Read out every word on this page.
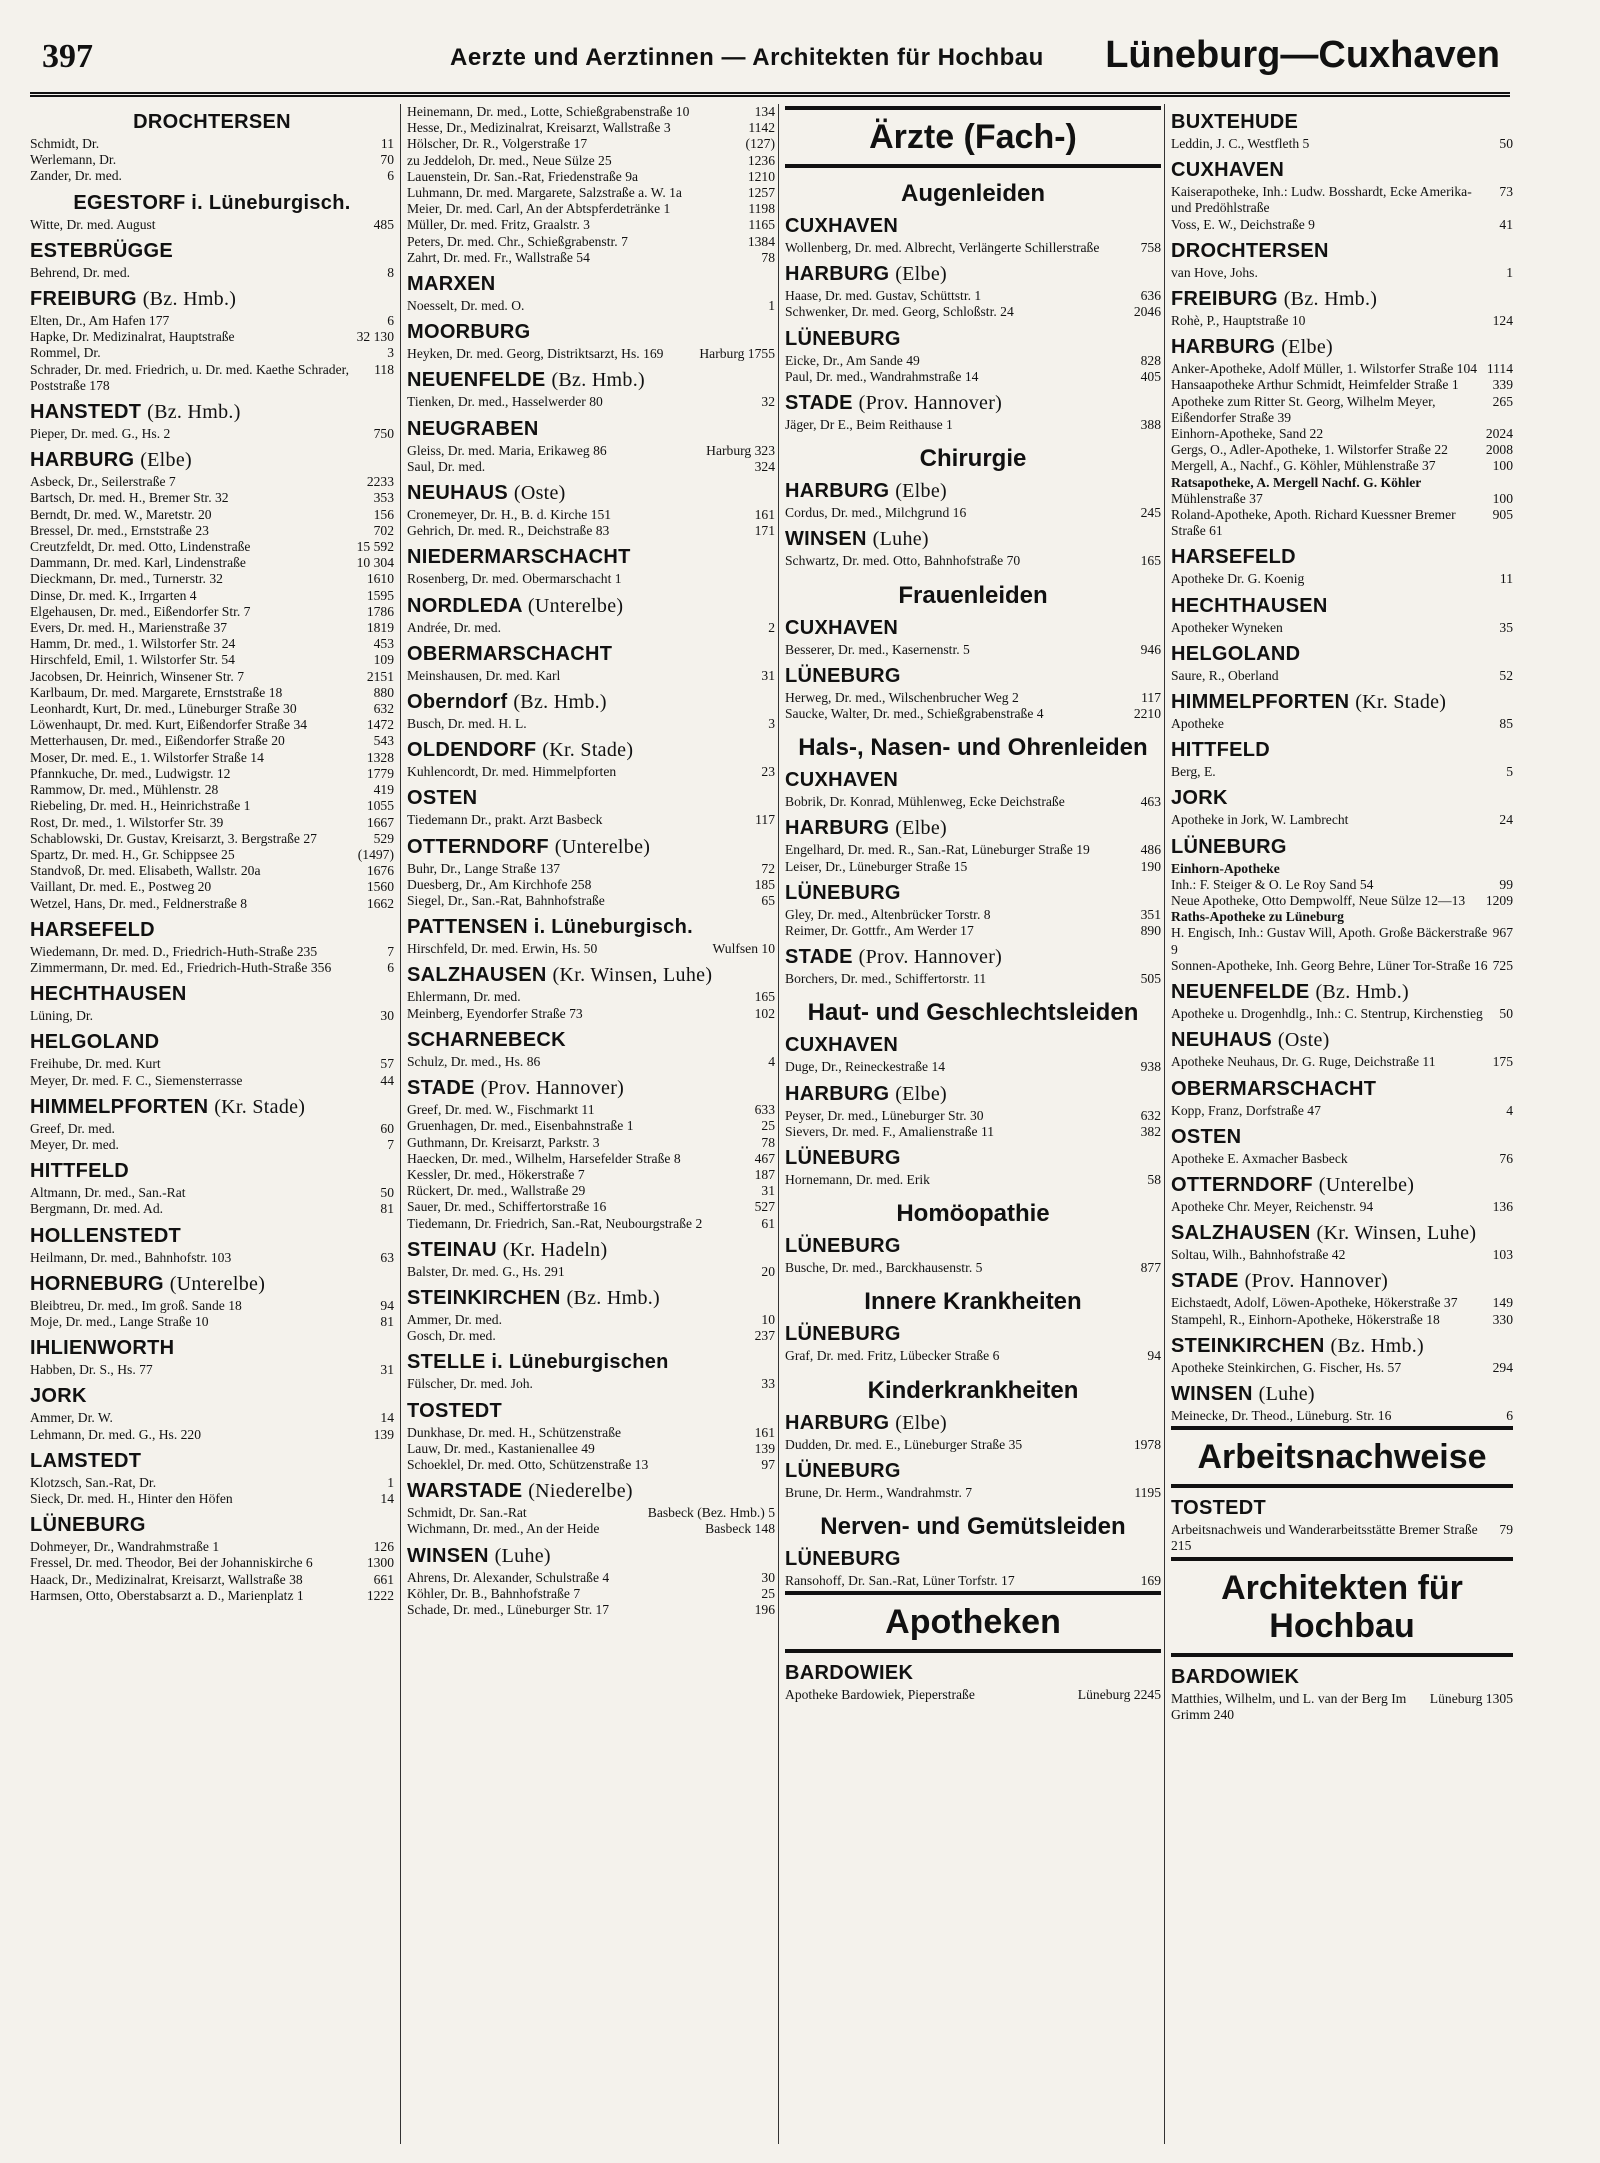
397	Aerzte und Aerztinnen — Architekten für Hochbau Lüneburg—Cuxhaven
DROCHTERSEN
Schmidt, Dr.	11
Werlemann, Dr.	70
Zander, Dr. med.	6
EGESTORF i. Lüneburgisch.
Witte, Dr. med. August	485
ESTEBRÜGGE
Behrend, Dr. med.	8
FREIBURG (Bz. Hmb.)
Elten, Dr., Am Hafen 177	6
Hapke, Dr. Medizinalrat, Hauptstraße	32 130
Rommel, Dr.	3
Schrader, Dr. med. Friedrich, u. Dr. med. Kaethe Schrader, Poststraße 178
118
HANSTEDT (Bz. Hmb.)
Pieper, Dr. med. G., Hs. 2	750
HARBURG (Elbe)
Asbeck, Dr., Seilerstraße 7	2233
Bartsch, Dr. med. H., Bremer Str. 32	353
Berndt, Dr. med. W., Maretstr. 20	156
Bressel, Dr. med., Ernststraße 23	702
Creutzfeldt, Dr. med. Otto, Lindenstraße	15 592
Dammann, Dr. med. Karl, Lindenstraße	10 304
Dieckmann, Dr. med., Turnerstr. 32	1610
Dinse, Dr. med. K., Irrgarten 4	1595
Elgehausen, Dr. med., Eißendorfer Str. 7	1786
Evers, Dr. med. H., Marienstraße 37	1819
Hamm, Dr. med., 1. Wilstorfer Str. 24	453
Hirschfeld, Emil, 1. Wilstorfer Str. 54	109
Jacobsen, Dr. Heinrich, Winsener Str. 7	2151
Karlbaum, Dr. med. Margarete, Ernststraße 18	880
Leonhardt, Kurt, Dr. med., Lüneburger Straße 30	632
Löwenhaupt, Dr. med. Kurt, Eißendorfer Straße 34	1472
Metterhausen, Dr. med., Eißendorfer Straße 20	543
Moser, Dr. med. E., 1. Wilstorfer Straße 14	1328
Pfannkuche, Dr. med., Ludwigstr. 12	1779
Rammow, Dr. med., Mühlenstr. 28	419
Riebeling, Dr. med. H., Heinrichstraße 1	1055
Rost, Dr. med., 1. Wilstorfer Str. 39	1667
Schablowski, Dr. Gustav, Kreisarzt, 3. Bergstraße 27	529
Spartz, Dr. med. H., Gr. Schippsee 25	(1497)
Standvoß, Dr. med. Elisabeth, Wallstr. 20a	1676
Vaillant, Dr. med. E., Postweg 20	1560
Wetzel, Hans, Dr. med., Feldnerstraße 8	1662
HARSEFELD
Wiedemann, Dr. med. D., Friedrich-Huth-Straße 235	7
Zimmermann, Dr. med. Ed., Friedrich-Huth-Straße 356	6
HECHTHAUSEN
Lüning, Dr.	30
HELGOLAND
Freihube, Dr. med. Kurt	57
Meyer, Dr. med. F. C., Siemensterrasse	44
HIMMELPFORTEN (Kr. Stade)
Greef, Dr. med.	60
Meyer, Dr. med.	7
HITTFELD
Altmann, Dr. med., San.-Rat	50
Bergmann, Dr. med. Ad.	81
HOLLENSTEDT
Heilmann, Dr. med., Bahnhofstr. 103	63
HORNEBURG (Unterelbe)
Bleibtreu, Dr. med., Im groß. Sande 18	94
Moje, Dr. med., Lange Straße 10	81
IHLIENWORTH
Habben, Dr. S., Hs. 77	31
JORK
Ammer, Dr. W.	14
Lehmann, Dr. med. G., Hs. 220	139
LAMSTEDT
Klotzsch, San.-Rat, Dr.	1
Sieck, Dr. med. H., Hinter den Höfen	14
LÜNEBURG
Dohmeyer, Dr., Wandrahmstraße 1	126
Fressel, Dr. med. Theodor, Bei der Johanniskirche 6	1300
Haack, Dr., Medizinalrat, Kreisarzt, Wallstraße 38	661
Harmsen, Otto, Oberstabsarzt a. D., Marienplatz 1	1222
Heinemann, Dr. med., Lotte, Schießgrabenstraße 10	134
Hesse, Dr., Medizinalrat, Kreisarzt, Wallstraße 3	1142
Hölscher, Dr. R., Volgerstraße 17	(127)
zu Jeddeloh, Dr. med., Neue Sülze 25	1236
Lauenstein, Dr. San.-Rat, Friedenstraße 9a	1210
Luhmann, Dr. med. Margarete, Salzstraße a. W. 1a	1257
Meier, Dr. med. Carl, An der Abtspferdetränke 1	1198
Müller, Dr. med. Fritz, Graalstr. 3	1165
Peters, Dr. med. Chr., Schießgrabenstr. 7	1384
Zahrt, Dr. med. Fr., Wallstraße 54	78
MARXEN
Noesselt, Dr. med. O.	1
MOORBURG
Heyken, Dr. med. Georg, Distriktsarzt, Hs. 169	Harburg 1755
NEUENFELDE (Bz. Hmb.)
Tienken, Dr. med., Hasselwerder 80	32
NEUGRABEN
Gleiss, Dr. med. Maria, Erikaweg 86	Harburg 323
Saul, Dr. med.	324
NEUHAUS (Oste)
Cronemeyer, Dr. H., B. d. Kirche 151	161
Gehrich, Dr. med. R., Deichstraße 83	171
NIEDERMARSCHACHT
Rosenberg, Dr. med. Obermarschacht 1
NORDLEDA (Unterelbe)
Andrée, Dr. med.	2
OBERMARSCHACHT
Meinshausen, Dr. med. Karl	31
Oberndorf (Bz. Hmb.)
Busch, Dr. med. H. L.	3
OLDENDORF (Kr. Stade)
Kuhlencordt, Dr. med. Himmelpforten	23
OSTEN
Tiedemann Dr., prakt. Arzt Basbeck	117
OTTERNDORF (Unterelbe)
Buhr, Dr., Lange Straße 137	72
Duesberg, Dr., Am Kirchhofe 258	185
Siegel, Dr., San.-Rat, Bahnhofstraße	65
PATTENSEN i. Lüneburgisch.
Hirschfeld, Dr. med. Erwin, Hs. 50	Wulfsen 10
SALZHAUSEN (Kr. Winsen, Luhe)
Ehlermann, Dr. med.	165
Meinberg, Eyendorfer Straße 73	102
SCHARNEBECK
Schulz, Dr. med., Hs. 86	4
STADE (Prov. Hannover)
Greef, Dr. med. W., Fischmarkt 11	633
Gruenhagen, Dr. med., Eisenbahnstraße 1	25
Guthmann, Dr. Kreisarzt, Parkstr. 3	78
Haecken, Dr. med., Wilhelm, Harsefelder Straße 8	467
Kessler, Dr. med., Hökerstraße 7	187
Rückert, Dr. med., Wallstraße 29	31
Sauer, Dr. med., Schiffertorstraße 16	527
Tiedemann, Dr. Friedrich, San.-Rat, Neubourgstraße 2	61
STEINAU (Kr. Hadeln)
Balster, Dr. med. G., Hs. 291	20
STEINKIRCHEN (Bz. Hmb.)
Ammer, Dr. med.	10
Gosch, Dr. med.	237
STELLE i. Lüneburgischen
Fülscher, Dr. med. Joh.	33
TOSTEDT
Dunkhase, Dr. med. H., Schützenstraße	161
Lauw, Dr. med., Kastanienallee 49	139
Schoeklel, Dr. med. Otto, Schützenstraße 13	97
WARSTADE (Niederelbe)
Schmidt, Dr. San.-Rat	Basbeck (Bez. Hmb.) 5
Wichmann, Dr. med., An der Heide	Basbeck 148
WINSEN (Luhe)
Ahrens, Dr. Alexander, Schulstraße 4	30
Köhler, Dr. B., Bahnhofstraße 7	25
Schade, Dr. med., Lüneburger Str. 17	196
Ärzte (Fach-)
Augenleiden
CUXHAVEN
Wollenberg, Dr. med. Albrecht, Verlängerte Schillerstraße	758
HARBURG (Elbe)
Haase, Dr. med. Gustav, Schüttstr. 1	636
Schwenker, Dr. med. Georg, Schloßstr. 24	2046
LÜNEBURG
Eicke, Dr., Am Sande 49	828
Paul, Dr. med., Wandrahmstraße 14	405
STADE (Prov. Hannover)
Jäger, Dr E., Beim Reithause 1	388
Chirurgie
HARBURG (Elbe)
Cordus, Dr. med., Milchgrund 16	245
WINSEN (Luhe)
Schwartz, Dr. med. Otto, Bahnhofstraße 70	165
Frauenleiden
CUXHAVEN
Besserer, Dr. med., Kasernenstr. 5	946
LÜNEBURG
Herweg, Dr. med., Wilschenbrucher Weg 2	117
Saucke, Walter, Dr. med., Schießgrabenstraße 4	2210
Hals-, Nasen- und Ohrenleiden
CUXHAVEN
Bobrik, Dr. Konrad, Mühlenweg, Ecke Deichstraße	463
HARBURG (Elbe)
Engelhard, Dr. med. R., San.-Rat, Lüneburger Straße 19	486
Leiser, Dr., Lüneburger Straße 15	190
LÜNEBURG
Gley, Dr. med., Altenbrücker Torstr. 8	351
Reimer, Dr. Gottfr., Am Werder 17	890
STADE (Prov. Hannover)
Borchers, Dr. med., Schiffertorstr. 11	505
Haut- und Geschlechtsleiden
CUXHAVEN
Duge, Dr., Reineckestraße 14	938
HARBURG (Elbe)
Peyser, Dr. med., Lüneburger Str. 30	632
Sievers, Dr. med. F., Amalienstraße 11	382
LÜNEBURG
Hornemann, Dr. med. Erik	58
Homöopathie
LÜNEBURG
Busche, Dr. med., Barckhausenstr. 5	877
Innere Krankheiten
LÜNEBURG
Graf, Dr. med. Fritz, Lübecker Straße 6	94
Kinderkrankheiten
HARBURG (Elbe)
Dudden, Dr. med. E., Lüneburger Straße 35	1978
LÜNEBURG
Brune, Dr. Herm., Wandrahmstr. 7	1195
Nerven- und Gemütsleiden
LÜNEBURG
Ransohoff, Dr. San.-Rat, Lüner Torfstr. 17	169
Apotheken
BARDOWIEK
Apotheke Bardowiek, Pieperstraße	Lüneburg 2245
BUXTEHUDE
Leddin, J. C., Westfleth 5	50
CUXHAVEN
Kaiserapotheke, Inh.: Ludw. Bosshardt, Ecke Amerika- und Predöhlstraße
73
Voss, E. W., Deichstraße 9	41
DROCHTERSEN
van Hove, Johs.	1
FREIBURG (Bz. Hmb.)
Rohè, P., Hauptstraße 10	124
HARBURG (Elbe)
Anker-Apotheke, Adolf Müller, 1. Wilstorfer Straße 104 1114
Hansaapotheke Arthur Schmidt, Heimfelder Straße 1	339
Apotheke zum Ritter St. Georg, Wilhelm Meyer, Eißendorfer Straße 39
265
Einhorn-Apotheke, Sand 22	2024
Gergs, O., Adler-Apotheke, 1. Wilstorfer Straße 22	2008
Mergell, A., Nachf., G. Köhler, Mühlenstraße 37	100
Ratsapotheke, A. Mergell Nachf. G. Köhler
Mühlenstraße 37	100
Roland-Apotheke, Apoth. Richard Kuessner Bremer Straße 61
905
HARSEFELD
Apotheke Dr. G. Koenig	11
HECHTHAUSEN
Apotheker Wyneken	35
HELGOLAND
Saure, R., Oberland	52
HIMMELPFORTEN (Kr. Stade)
Apotheke	85
HITTFELD
Berg, E.	5
JORK
Apotheke in Jork, W. Lambrecht	24
LÜNEBURG
Einhorn-Apotheke
Inh.: F. Steiger & O. Le Roy Sand 54	99
Neue Apotheke, Otto Dempwolff, Neue Sülze 12—13	1209
Raths-Apotheke zu Lüneburg
H. Engisch, Inh.: Gustav Will, Apoth. Große Bäckerstraße 9
967
Sonnen-Apotheke, Inh. Georg Behre, Lüner Tor-Straße 16 725
NEUENFELDE (Bz. Hmb.)
Apotheke u. Drogenhdlg., Inh.: C. Stentrup, Kirchenstieg	50
NEUHAUS (Oste)
Apotheke Neuhaus, Dr. G. Ruge, Deichstraße 11	175
OBERMARSCHACHT
Kopp, Franz, Dorfstraße 47	4
OSTEN
Apotheke E. Axmacher Basbeck	76
OTTERNDORF (Unterelbe)
Apotheke Chr. Meyer, Reichenstr. 94	136
SALZHAUSEN (Kr. Winsen, Luhe)
Soltau, Wilh., Bahnhofstraße 42	103
STADE (Prov. Hannover)
Eichstaedt, Adolf, Löwen-Apotheke, Hökerstraße 37	149
Stampehl, R., Einhorn-Apotheke, Hökerstraße 18	330
STEINKIRCHEN (Bz. Hmb.)
Apotheke Steinkirchen, G. Fischer, Hs. 57	294
WINSEN (Luhe)
Meinecke, Dr. Theod., Lüneburg. Str. 16	6
Arbeitsnachweise
TOSTEDT
Arbeitsnachweis und Wanderarbeitsstätte Bremer Straße 215
79
Architekten für Hochbau
BARDOWIEK
Matthies, Wilhelm, und L. van der Berg Im Grimm 240
Lüneburg 1305
